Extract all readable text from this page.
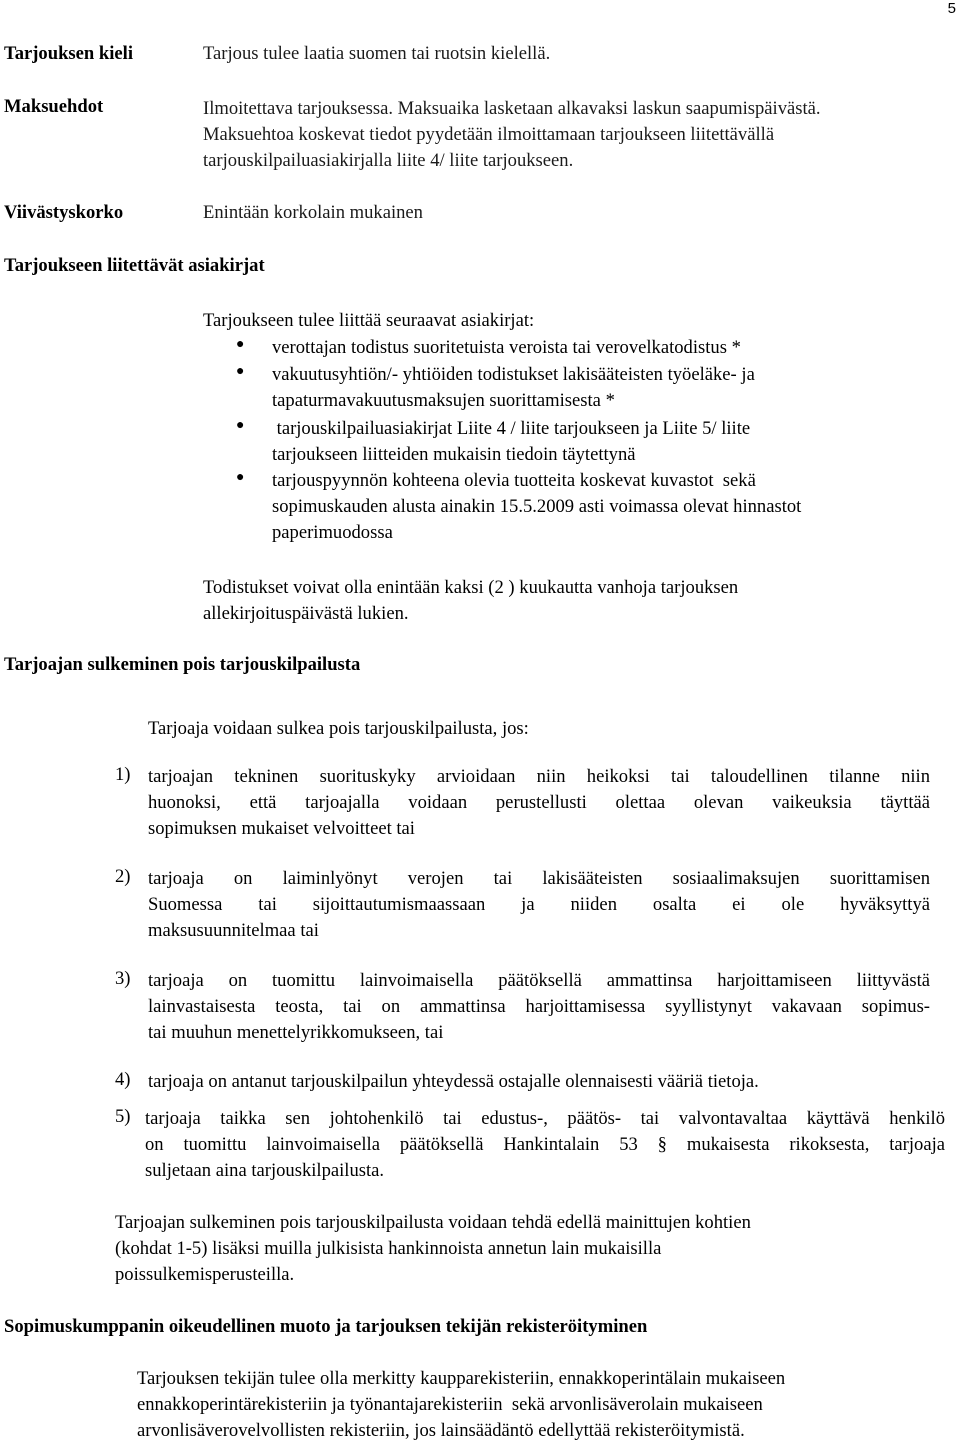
5
Tarjouksen kieli	Tarjous tulee laatia suomen tai ruotsin kielellä.
Maksuehdot	Ilmoitettava tarjouksessa. Maksuaika lasketaan alkavaksi laskun saapumispäivästä.
Maksuehtoa koskevat tiedot pyydetään ilmoittamaan tarjoukseen liitettävällä
tarjouskilpailuasiakirjalla liite 4/ liite tarjoukseen.
Viivästyskorko	Enintään korkolain mukainen
Tarjoukseen liitettävät asiakirjat
Tarjoukseen tulee liittää seuraavat asiakirjat:
● verottajan todistus suoritetuista veroista tai verovelkatodistus *
● vakuutusyhtiön/- yhtiöiden todistukset lakisääteisten työeläke- ja
tapaturmavakuutusmaksujen suorittamisesta *
● tarjouskilpailuasiakirjat Liite 4 / liite tarjoukseen ja Liite 5/ liite
tarjoukseen liitteiden mukaisin tiedoin täytettynä
● tarjouspyynnön kohteena olevia tuotteita koskevat kuvastot  sekä
sopimuskauden alusta ainakin 15.5.2009 asti voimassa olevat hinnastot
paperimuodossa
Todistukset voivat olla enintään kaksi (2 ) kuukautta vanhoja tarjouksen
allekirjoituspäivästä lukien.
Tarjoajan sulkeminen pois tarjouskilpailusta
Tarjoaja voidaan sulkea pois tarjouskilpailusta, jos:
1) tarjoajan tekninen suorituskyky arvioidaan niin heikoksi tai taloudellinen tilanne niin
huonoksi, että tarjoajalla voidaan perustellusti olettaa olevan vaikeuksia täyttää
sopimuksen mukaiset velvoitteet tai
2) tarjoaja on laiminlyönyt verojen tai lakisääteisten sosiaalimaksujen suorittamisen
Suomessa tai sijoittautumismaassaan ja niiden osalta ei ole hyväksyttyä
maksusuunnitelmaa tai
3) tarjoaja on tuomittu lainvoimaisella päätöksellä ammattinsa harjoittamiseen liittyvästä
lainvastaisesta teosta, tai on ammattinsa harjoittamisessa syyllistynyt vakavaan sopimus-
tai muuhun menettelyrikkomukseen, tai
4) tarjoaja on antanut tarjouskilpailun yhteydessä ostajalle olennaisesti vääriä tietoja.
5) tarjoaja taikka sen johtohenkilö tai edustus-, päätös- tai valvontavaltaa käyttävä henkilö
on tuomittu lainvoimaisella päätöksellä Hankintalain 53 § mukaisesta rikoksesta, tarjoaja
suljetaan aina tarjouskilpailusta.
Tarjoajan sulkeminen pois tarjouskilpailusta voidaan tehdä edellä mainittujen kohtien
(kohdat 1-5) lisäksi muilla julkisista hankinnoista annetun lain mukaisilla
poissulkemisperusteilla.
Sopimuskumppanin oikeudellinen muoto ja tarjouksen tekijän rekisteröityminen
Tarjouksen tekijän tulee olla merkitty kaupparekisteriin, ennakkoperintälain mukaiseen
ennakkoperintärekisteriin ja työnantajarekisteriin  sekä arvonlisäverolain mukaiseen
arvonlisäverovelvollisten rekisteriin, jos lainsäädäntö edellyttää rekisteröitymistä.
